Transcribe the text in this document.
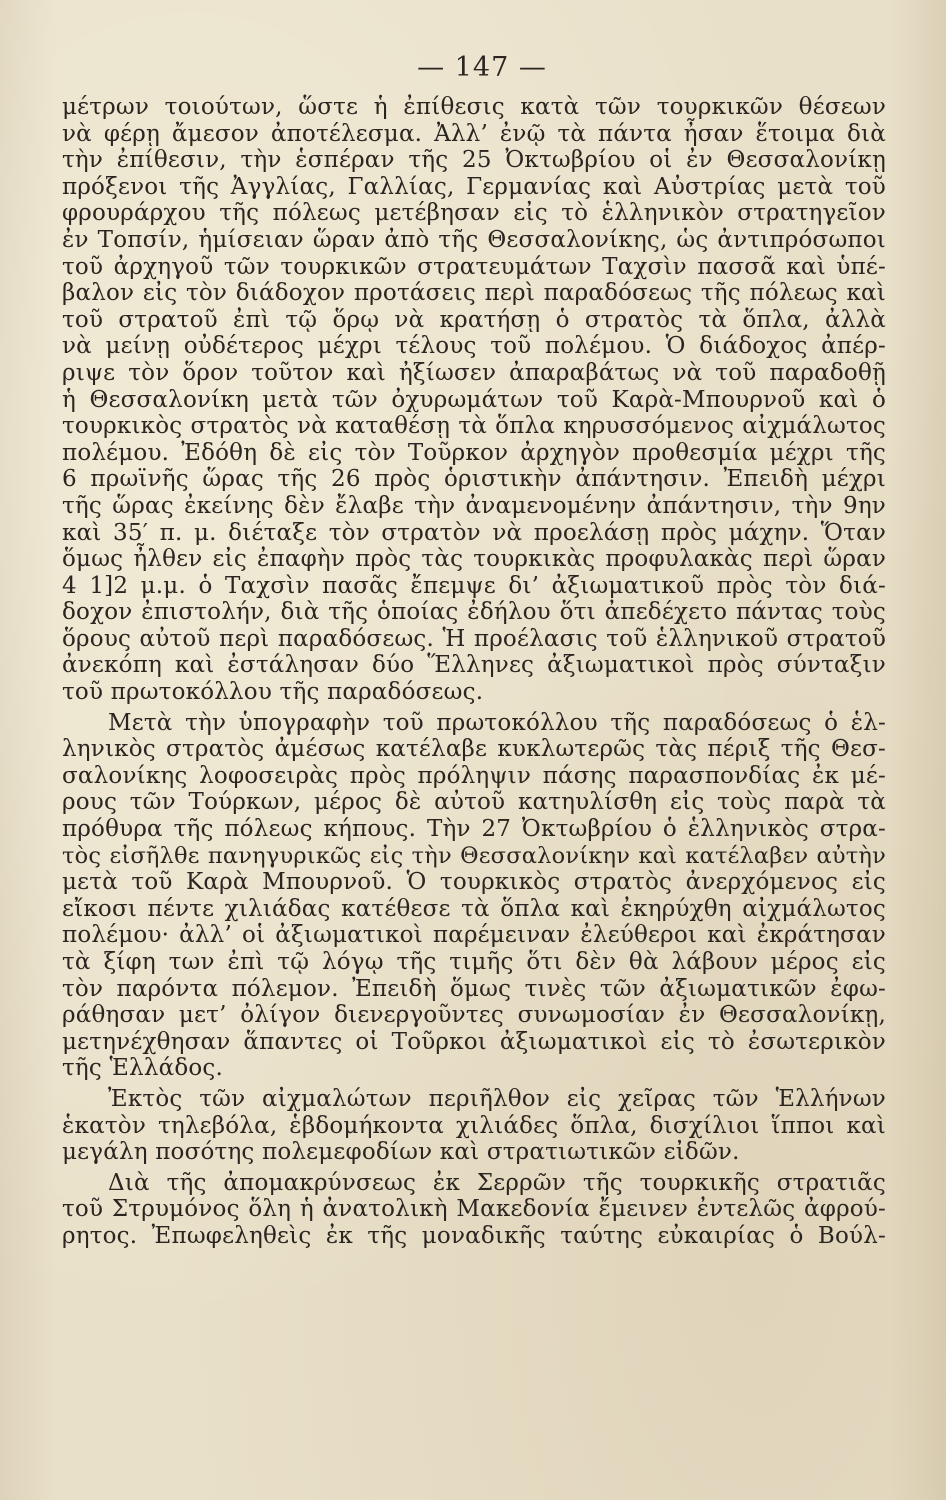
— 147 —
μέτρων τοιούτων, ὥστε ἡ ἐπίθεσις κατὰ τῶν τουρκικῶν θέσεων
νὰ φέρῃ ἄμεσον ἀποτέλεσμα. Ἀλλ’ ἐνῷ τὰ πάντα ἦσαν ἕτοιμα διὰ
τὴν ἐπίθεσιν, τὴν ἑσπέραν τῆς 25 Ὀκτωβρίου οἱ ἐν Θεσσαλονίκῃ
πρόξενοι τῆς Ἀγγλίας, Γαλλίας, Γερμανίας καὶ Αὐστρίας μετὰ τοῦ
φρουράρχου τῆς πόλεως μετέβησαν εἰς τὸ ἑλληνικὸν στρατηγεῖον
ἐν Τοπσίν, ἡμίσειαν ὥραν ἀπὸ τῆς Θεσσαλονίκης, ὡς ἀντιπρόσωποι
τοῦ ἀρχηγοῦ τῶν τουρκικῶν στρατευμάτων Ταχσὶν πασσᾶ καὶ ὑπέ-
βαλον εἰς τὸν διάδοχον προτάσεις περὶ παραδόσεως τῆς πόλεως καὶ
τοῦ στρατοῦ ἐπὶ τῷ ὅρῳ νὰ κρατήσῃ ὁ στρατὸς τὰ ὅπλα, ἀλλὰ
νὰ μείνῃ οὐδέτερος μέχρι τέλους τοῦ πολέμου. Ὁ διάδοχος ἀπέρ-
ριψε τὸν ὅρον τοῦτον καὶ ἠξίωσεν ἀπαραβάτως νὰ τοῦ παραδοθῇ
ἡ Θεσσαλονίκη μετὰ τῶν ὀχυρωμάτων τοῦ Καρὰ-Μπουρνοῦ καὶ ὁ
τουρκικὸς στρατὸς νὰ καταθέσῃ τὰ ὅπλα κηρυσσόμενος αἰχμάλωτος
πολέμου. Ἐδόθη δὲ εἰς τὸν Τοῦρκον ἀρχηγὸν προθεσμία μέχρι τῆς
6 πρωϊνῆς ὥρας τῆς 26 πρὸς ὁριστικὴν ἀπάντησιν. Ἐπειδὴ μέχρι
τῆς ὥρας ἐκείνης δὲν ἔλαβε τὴν ἀναμενομένην ἀπάντησιν, τὴν 9ην
καὶ 35′ π. μ. διέταξε τὸν στρατὸν νὰ προελάσῃ πρὸς μάχην. Ὅταν
ὅμως ἦλθεν εἰς ἐπαφὴν πρὸς τὰς τουρκικὰς προφυλακὰς περὶ ὥραν
4 1]2 μ.μ. ὁ Ταχσὶν πασᾶς ἔπεμψε δι’ ἀξιωματικοῦ πρὸς τὸν διά-
δοχον ἐπιστολήν, διὰ τῆς ὁποίας ἐδήλου ὅτι ἀπεδέχετο πάντας τοὺς
ὅρους αὐτοῦ περὶ παραδόσεως. Ἡ προέλασις τοῦ ἑλληνικοῦ στρατοῦ
ἀνεκόπη καὶ ἐστάλησαν δύο Ἕλληνες ἀξιωματικοὶ πρὸς σύνταξιν
τοῦ πρωτοκόλλου τῆς παραδόσεως.
Μετὰ τὴν ὑπογραφὴν τοῦ πρωτοκόλλου τῆς παραδόσεως ὁ ἑλ-
ληνικὸς στρατὸς ἀμέσως κατέλαβε κυκλωτερῶς τὰς πέριξ τῆς Θεσ-
σαλονίκης λοφοσειρὰς πρὸς πρόληψιν πάσης παρασπονδίας ἐκ μέ-
ρους τῶν Τούρκων, μέρος δὲ αὐτοῦ κατηυλίσθη εἰς τοὺς παρὰ τὰ
πρόθυρα τῆς πόλεως κήπους. Τὴν 27 Ὀκτωβρίου ὁ ἑλληνικὸς στρα-
τὸς εἰσῆλθε πανηγυρικῶς εἰς τὴν Θεσσαλονίκην καὶ κατέλαβεν αὐτὴν
μετὰ τοῦ Καρὰ Μπουρνοῦ. Ὁ τουρκικὸς στρατὸς ἀνερχόμενος εἰς
εἴκοσι πέντε χιλιάδας κατέθεσε τὰ ὅπλα καὶ ἐκηρύχθη αἰχμάλωτος
πολέμου· ἀλλ’ οἱ ἀξιωματικοὶ παρέμειναν ἐλεύθεροι καὶ ἐκράτησαν
τὰ ξίφη των ἐπὶ τῷ λόγῳ τῆς τιμῆς ὅτι δὲν θὰ λάβουν μέρος εἰς
τὸν παρόντα πόλεμον. Ἐπειδὴ ὅμως τινὲς τῶν ἀξιωματικῶν ἐφω-
ράθησαν μετ’ ὀλίγον διενεργοῦντες συνωμοσίαν ἐν Θεσσαλονίκῃ,
μετηνέχθησαν ἅπαντες οἱ Τοῦρκοι ἀξιωματικοὶ εἰς τὸ ἐσωτερικὸν
τῆς Ἑλλάδος.
Ἐκτὸς τῶν αἰχμαλώτων περιῆλθον εἰς χεῖρας τῶν Ἑλλήνων
ἑκατὸν τηλεβόλα, ἑβδομήκοντα χιλιάδες ὅπλα, δισχίλιοι ἵπποι καὶ
μεγάλη ποσότης πολεμεφοδίων καὶ στρατιωτικῶν εἰδῶν.
Διὰ τῆς ἀπομακρύνσεως ἐκ Σερρῶν τῆς τουρκικῆς στρατιᾶς
τοῦ Στρυμόνος ὅλη ἡ ἀνατολικὴ Μακεδονία ἔμεινεν ἐντελῶς ἀφρού-
ρητος. Ἐπωφεληθεὶς ἐκ τῆς μοναδικῆς ταύτης εὐκαιρίας ὁ Βούλ-
